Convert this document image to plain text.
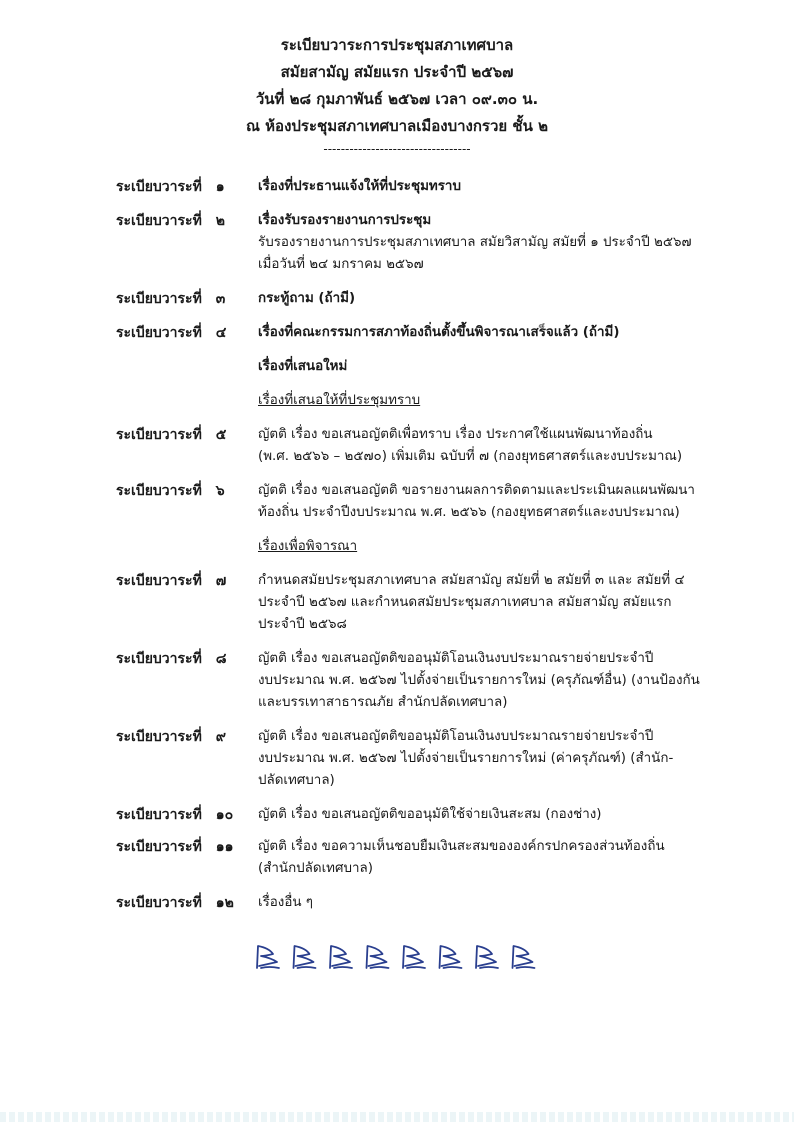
ระเบียบวาระการประชุมสภาเทศบาล
สมัยสามัญ สมัยแรก ประจำปี ๒๕๖๗
วันที่ ๒๘ กุมภาพันธ์ ๒๕๖๗ เวลา ๐๙.๓๐ น.
ณ ห้องประชุมสภาเทศบาลเมืองบางกรวย ชั้น ๒
----------------------------------
ระเบียบวาระที่ ๑ เรื่องที่ประธานแจ้งให้ที่ประชุมทราบ
ระเบียบวาระที่ ๒ เรื่องรับรองรายงานการประชุม
รับรองรายงานการประชุมสภาเทศบาล สมัยวิสามัญ สมัยที่ ๑ ประจำปี ๒๕๖๗
เมื่อวันที่ ๒๔ มกราคม ๒๕๖๗
ระเบียบวาระที่ ๓ กระทู้ถาม (ถ้ามี)
ระเบียบวาระที่ ๔ เรื่องที่คณะกรรมการสภาท้องถิ่นตั้งขึ้นพิจารณาเสร็จแล้ว (ถ้ามี)
เรื่องที่เสนอใหม่
เรื่องที่เสนอให้ที่ประชุมทราบ
ระเบียบวาระที่ ๕ ญัตติ เรื่อง ขอเสนอญัตติเพื่อทราบ เรื่อง ประกาศใช้แผนพัฒนาท้องถิ่น
(พ.ศ. ๒๕๖๖ – ๒๕๗๐) เพิ่มเติม ฉบับที่ ๗ (กองยุทธศาสตร์และงบประมาณ)
ระเบียบวาระที่ ๖ ญัตติ เรื่อง ขอเสนอญัตติ ขอรายงานผลการติดตามและประเมินผลแผนพัฒนา
ท้องถิ่น ประจำปีงบประมาณ พ.ศ. ๒๕๖๖ (กองยุทธศาสตร์และงบประมาณ)
เรื่องเพื่อพิจารณา
ระเบียบวาระที่ ๗ กำหนดสมัยประชุมสภาเทศบาล สมัยสามัญ สมัยที่ ๒ สมัยที่ ๓ และ สมัยที่ ๔
ประจำปี ๒๕๖๗ และกำหนดสมัยประชุมสภาเทศบาล สมัยสามัญ สมัยแรก
ประจำปี ๒๕๖๘
ระเบียบวาระที่ ๘ ญัตติ เรื่อง ขอเสนอญัตติขออนุมัติโอนเงินงบประมาณรายจ่ายประจำปี
งบประมาณ พ.ศ. ๒๕๖๗ ไปตั้งจ่ายเป็นรายการใหม่ (ครุภัณฑ์อื่น) (งานป้องกัน
และบรรเทาสาธารณภัย สำนักปลัดเทศบาล)
ระเบียบวาระที่ ๙ ญัตติ เรื่อง ขอเสนอญัตติขออนุมัติโอนเงินงบประมาณรายจ่ายประจำปี
งบประมาณ พ.ศ. ๒๕๖๗ ไปตั้งจ่ายเป็นรายการใหม่ (ค่าครุภัณฑ์) (สำนัก-
ปลัดเทศบาล)
ระเบียบวาระที่ ๑๐ ญัตติ เรื่อง ขอเสนอญัตติขออนุมัติใช้จ่ายเงินสะสม (กองช่าง)
ระเบียบวาระที่ ๑๑ ญัตติ เรื่อง ขอความเห็นชอบยืมเงินสะสมขององค์กรปกครองส่วนท้องถิ่น
(สำนักปลัดเทศบาล)
ระเบียบวาระที่ ๑๒ เรื่องอื่น ๆ
